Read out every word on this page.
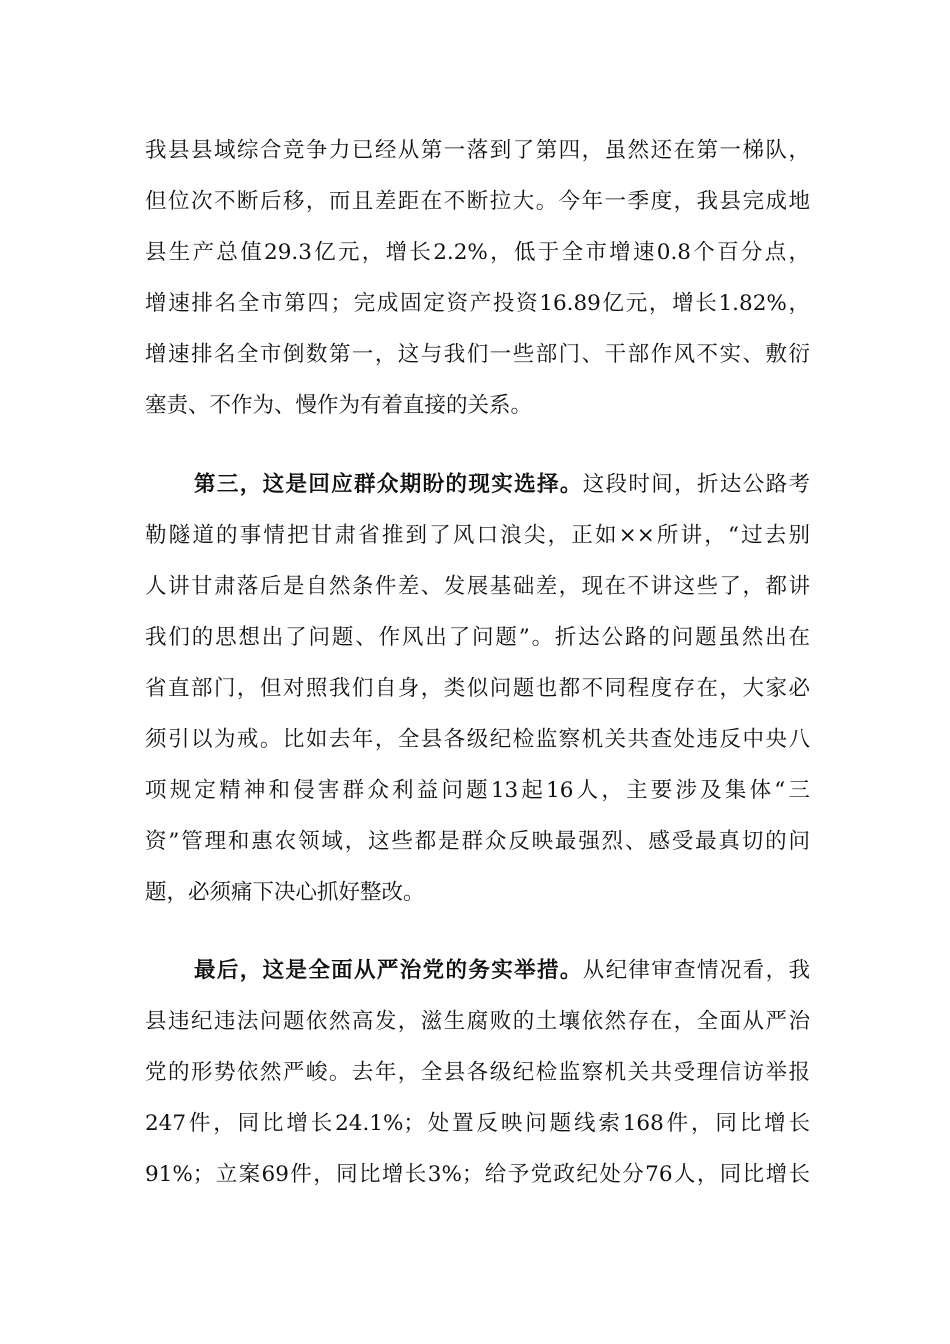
我县县域综合竞争力已经从第一落到了第四，虽然还在第一梯队，
但位次不断后移，而且差距在不断拉大。今年一季度，我县完成地
县生产总值29.3亿元，增长2.2%，低于全市增速0.8个百分点，
增速排名全市第四；完成固定资产投资16.89亿元，增长1.82%，
增速排名全市倒数第一，这与我们一些部门、干部作风不实、敷衍
塞责、不作为、慢作为有着直接的关系。
第三，这是回应群众期盼的现实选择。这段时间，折达公路考
勒隧道的事情把甘肃省推到了风口浪尖，正如××所讲，“过去别
人讲甘肃落后是自然条件差、发展基础差，现在不讲这些了，都讲
我们的思想出了问题、作风出了问题”。折达公路的问题虽然出在
省直部门，但对照我们自身，类似问题也都不同程度存在，大家必
须引以为戒。比如去年，全县各级纪检监察机关共查处违反中央八
项规定精神和侵害群众利益问题13起16人，主要涉及集体“三
资”管理和惠农领域，这些都是群众反映最强烈、感受最真切的问
题，必须痛下决心抓好整改。
最后，这是全面从严治党的务实举措。从纪律审查情况看，我
县违纪违法问题依然高发，滋生腐败的土壤依然存在，全面从严治
党的形势依然严峻。去年，全县各级纪检监察机关共受理信访举报
247件，同比增长24.1%；处置反映问题线索168件，同比增长
91%；立案69件，同比增长3%；给予党政纪处分76人，同比增长
